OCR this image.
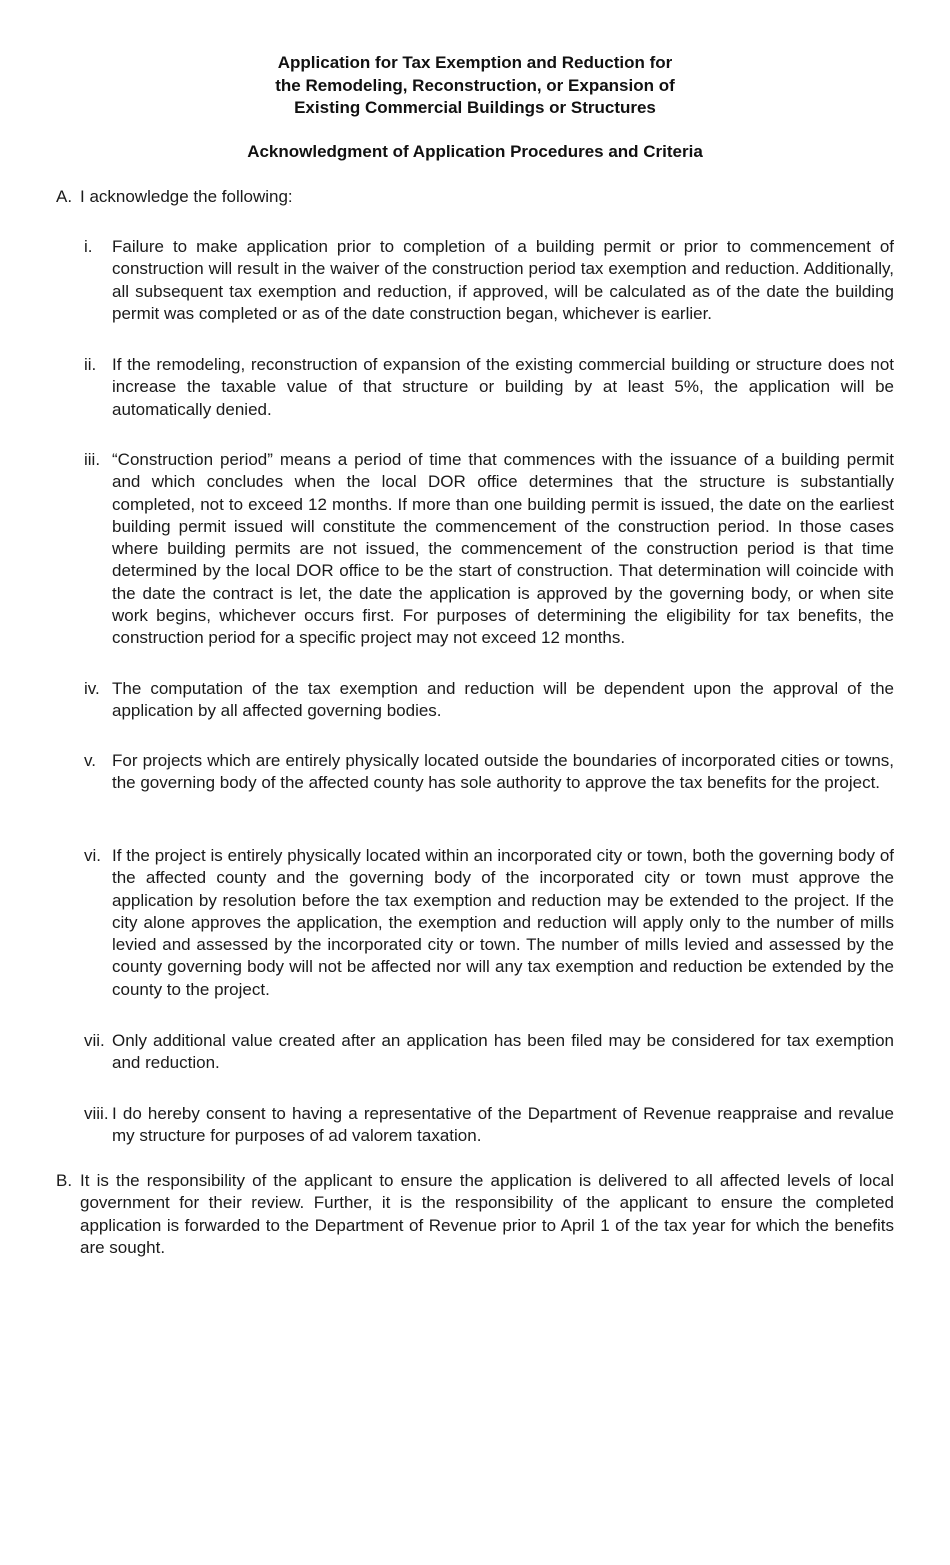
Application for Tax Exemption and Reduction for
the Remodeling, Reconstruction, or Expansion of
Existing Commercial Buildings or Structures
Acknowledgment of Application Procedures and Criteria
A. I acknowledge the following:
i.	Failure to make application prior to completion of a building permit or prior to commencement of construction will result in the waiver of the construction period tax exemption and reduction. Additionally, all subsequent tax exemption and reduction, if approved, will be calculated as of the date the building permit was completed or as of the date construction began, whichever is earlier.
ii. If the remodeling, reconstruction of expansion of the existing commercial building or structure does not increase the taxable value of that structure or building by at least 5%, the application will be automatically denied.
iii. “Construction period” means a period of time that commences with the issuance of a building permit and which concludes when the local DOR office determines that the structure is substantially completed, not to exceed 12 months. If more than one building permit is issued, the date on the earliest building permit issued will constitute the commencement of the construction period. In those cases where building permits are not issued, the commencement of the construction period is that time determined by the local DOR office to be the start of construction. That determination will coincide with the date the contract is let, the date the application is approved by the governing body, or when site work begins, whichever occurs first. For purposes of determining the eligibility for tax benefits, the construction period for a specific project may not exceed 12 months.
iv. The computation of the tax exemption and reduction will be dependent upon the approval of the application by all affected governing bodies.
v. For projects which are entirely physically located outside the boundaries of incorporated cities or towns, the governing body of the affected county has sole authority to approve the tax benefits for the project.
vi. If the project is entirely physically located within an incorporated city or town, both the governing body of the affected county and the governing body of the incorporated city or town must approve the application by resolution before the tax exemption and reduction may be extended to the project. If the city alone approves the application, the exemption and reduction will apply only to the number of mills levied and assessed by the incorporated city or town. The number of mills levied and assessed by the county governing body will not be affected nor will any tax exemption and reduction be extended by the county to the project.
vii. Only additional value created after an application has been filed may be considered for tax exemption and reduction.
viii. I do hereby consent to having a representative of the Department of Revenue reappraise and revalue my structure for purposes of ad valorem taxation.
B. It is the responsibility of the applicant to ensure the application is delivered to all affected levels of local government for their review. Further, it is the responsibility of the applicant to ensure the completed application is forwarded to the Department of Revenue prior to April 1 of the tax year for which the benefits are sought.
